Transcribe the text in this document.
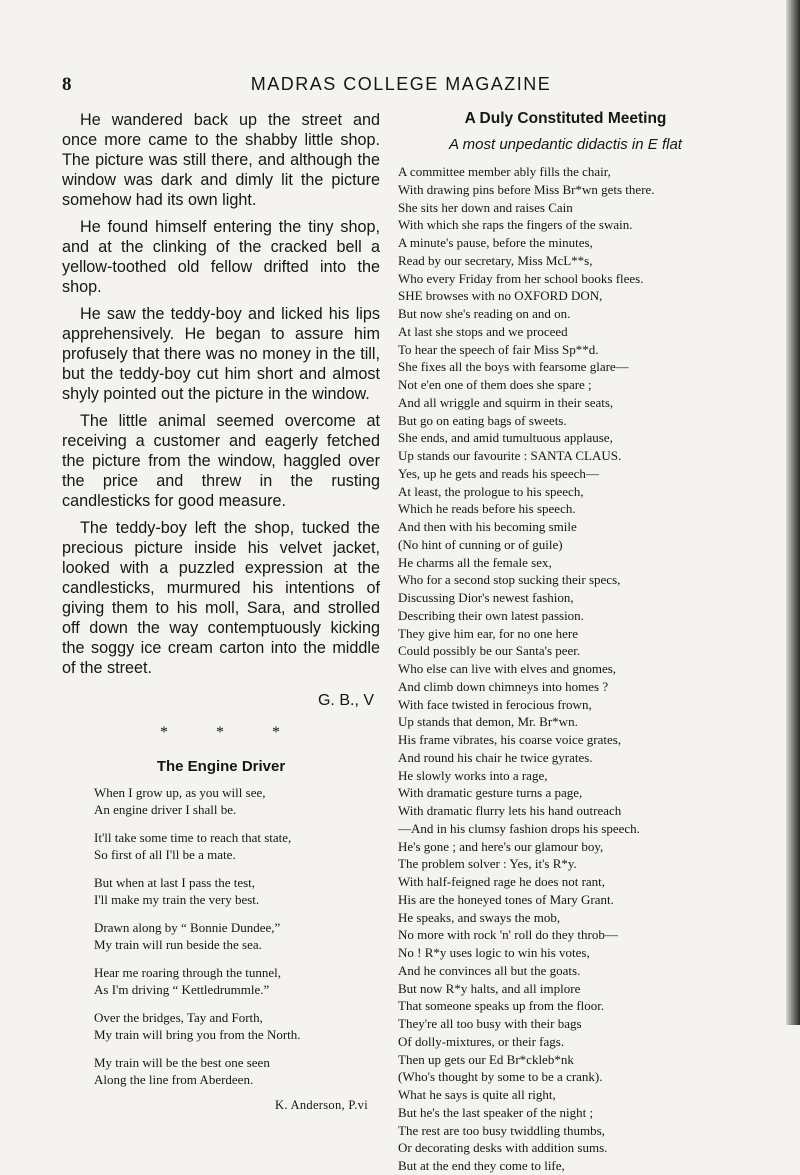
8	MADRAS COLLEGE MAGAZINE

He wandered back up the street and once more came to the shabby little shop. The picture was still there, and although the window was dark and dimly lit the picture somehow had its own light.

He found himself entering the tiny shop, and at the clinking of the cracked bell a yellow-toothed old fellow drifted into the shop.

He saw the teddy-boy and licked his lips apprehensively. He began to assure him profusely that there was no money in the till, but the teddy-boy cut him short and almost shyly pointed out the picture in the window.

The little animal seemed overcome at receiving a customer and eagerly fetched the picture from the window, haggled over the price and threw in the rusting candlesticks for good measure.

The teddy-boy left the shop, tucked the precious picture inside his velvet jacket, looked with a puzzled expression at the candlesticks, murmured his intentions of giving them to his moll, Sara, and strolled off down the way contemptuously kicking the soggy ice cream carton into the middle of the street.

G. B., V
* * *
The Engine Driver
When I grow up, as you will see,
An engine driver I shall be.
It'll take some time to reach that state,
So first of all I'll be a mate.
But when at last I pass the test,
I'll make my train the very best.
Drawn along by “ Bonnie Dundee,”
My train will run beside the sea.
Hear me roaring through the tunnel,
As I'm driving “ Kettledrummle.”
Over the bridges, Tay and Forth,
My train will bring you from the North.
My train will be the best one seen
Along the line from Aberdeen.
K. Anderson, P.vi
A Duly Constituted Meeting
A most unpedantic didactis in E flat
A committee member ably fills the chair,
With drawing pins before Miss Br*wn gets there.
She sits her down and raises Cain
With which she raps the fingers of the swain.
A minute's pause, before the minutes,
Read by our secretary, Miss McL**s,
Who every Friday from her school books flees.
SHE browses with no OXFORD DON,
But now she's reading on and on.
At last she stops and we proceed
To hear the speech of fair Miss Sp**d.
She fixes all the boys with fearsome glare—
Not e'en one of them does she spare ;
And all wriggle and squirm in their seats,
But go on eating bags of sweets.
She ends, and amid tumultuous applause,
Up stands our favourite : SANTA CLAUS.
Yes, up he gets and reads his speech—
At least, the prologue to his speech,
Which he reads before his speech.
And then with his becoming smile
(No hint of cunning or of guile)
He charms all the female sex,
Who for a second stop sucking their specs,
Discussing Dior's newest fashion,
Describing their own latest passion.
They give him ear, for no one here
Could possibly be our Santa's peer.
Who else can live with elves and gnomes,
And climb down chimneys into homes ?
With face twisted in ferocious frown,
Up stands that demon, Mr. Br*wn.
His frame vibrates, his coarse voice grates,
And round his chair he twice gyrates.
He slowly works into a rage,
With dramatic gesture turns a page,
With dramatic flurry lets his hand outreach
—And in his clumsy fashion drops his speech.
He's gone ; and here's our glamour boy,
The problem solver : Yes, it's R*y.
With half-feigned rage he does not rant,
His are the honeyed tones of Mary Grant.
He speaks, and sways the mob,
No more with rock 'n' roll do they throb—
No ! R*y uses logic to win his votes,
And he convinces all but the goats.
But now R*y halts, and all implore
That someone speaks up from the floor.
They're all too busy with their bags
Of dolly-mixtures, or their fags.
Then up gets our Ed Br*ckleb*nk
(Who's thought by some to be a crank).
What he says is quite all right,
But he's the last speaker of the night ;
The rest are too busy twiddling thumbs,
Or decorating desks with addition sums.
But at the end they come to life,
